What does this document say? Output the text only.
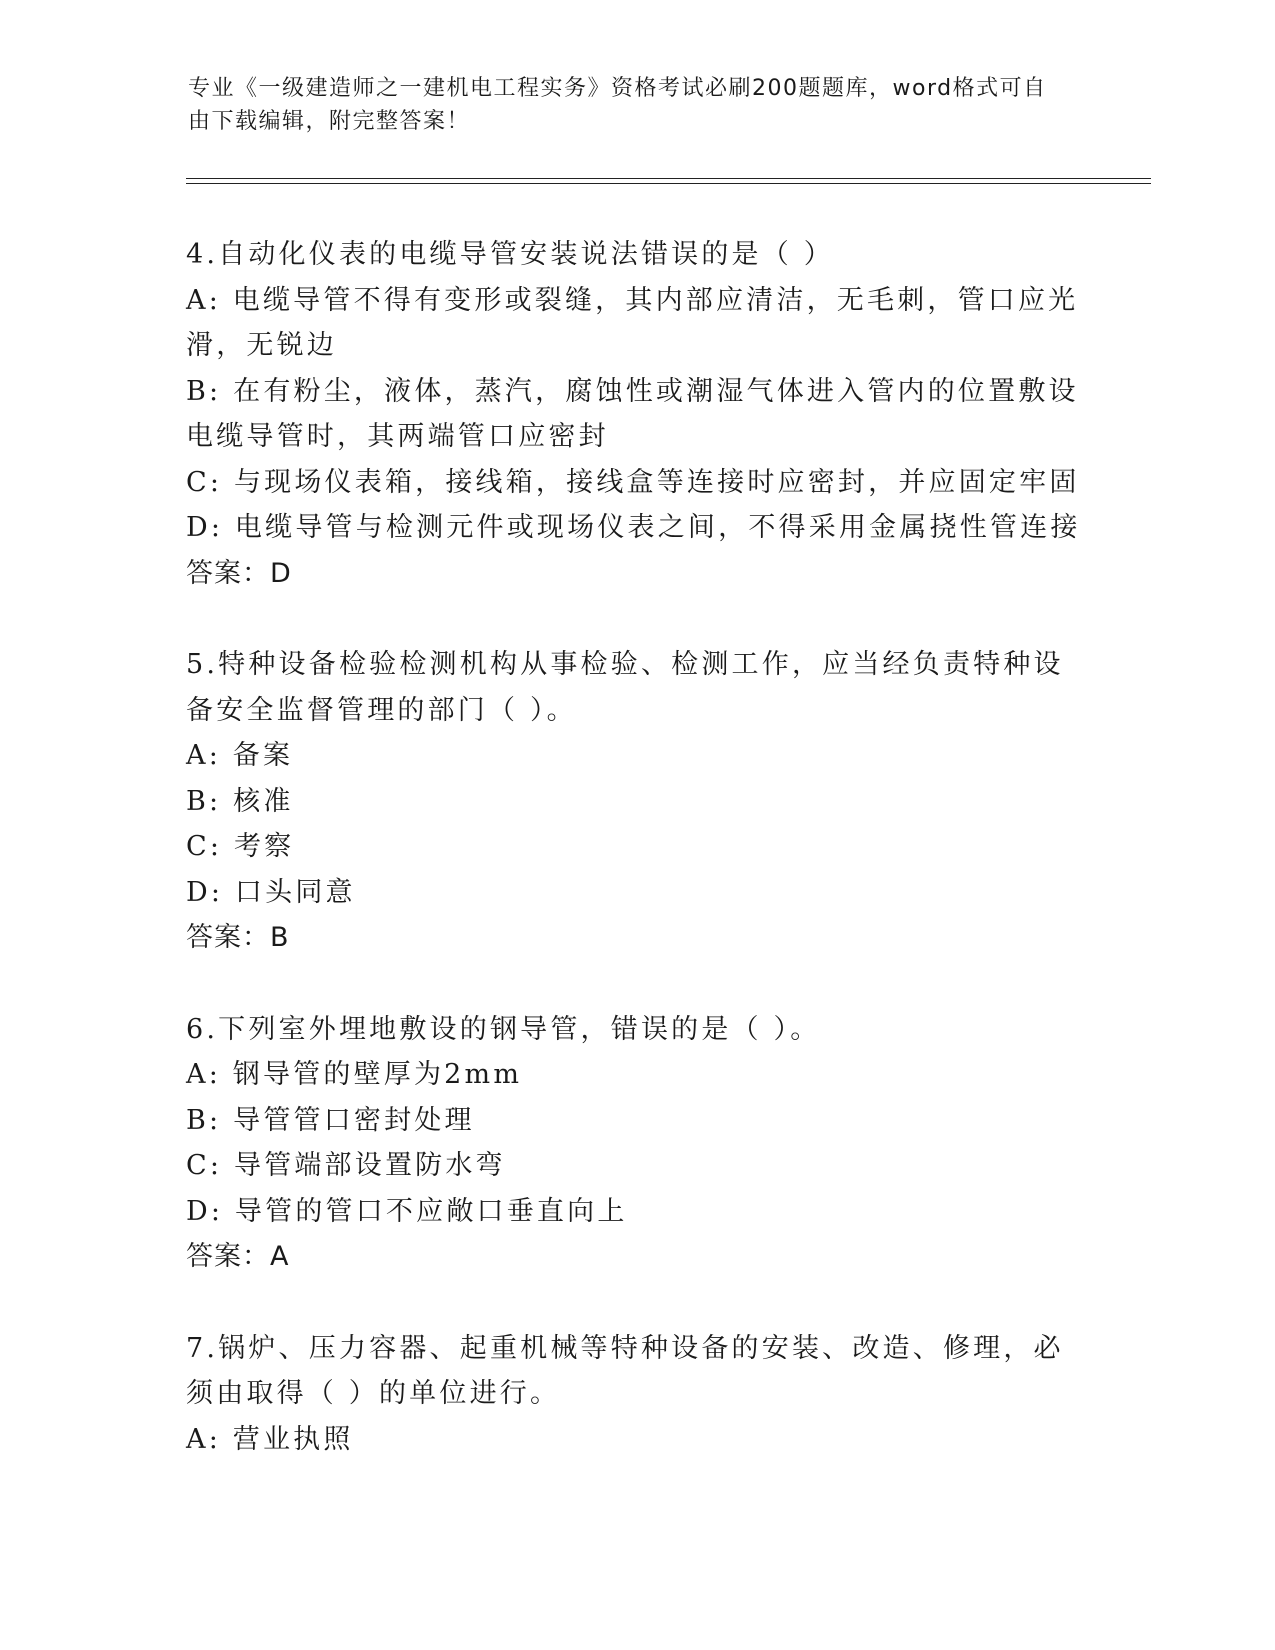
专业《一级建造师之一建机电工程实务》资格考试必刷200题题库，word格式可自由下载编辑，附完整答案！
4.自动化仪表的电缆导管安装说法错误的是（ ）
A: 电缆导管不得有变形或裂缝，其内部应清洁，无毛刺，管口应光滑，无锐边
B: 在有粉尘，液体，蒸汽，腐蚀性或潮湿气体进入管内的位置敷设电缆导管时，其两端管口应密封
C: 与现场仪表箱，接线箱，接线盒等连接时应密封，并应固定牢固
D: 电缆导管与检测元件或现场仪表之间，不得采用金属挠性管连接
答案：D
5.特种设备检验检测机构从事检验、检测工作，应当经负责特种设备安全监督管理的部门（ ）。
A: 备案
B: 核准
C: 考察
D: 口头同意
答案：B
6.下列室外埋地敷设的钢导管，错误的是（ ）。
A: 钢导管的壁厚为2mm
B: 导管管口密封处理
C: 导管端部设置防水弯
D: 导管的管口不应敞口垂直向上
答案：A
7.锅炉、压力容器、起重机械等特种设备的安装、改造、修理，必须由取得（ ）的单位进行。
A: 营业执照
